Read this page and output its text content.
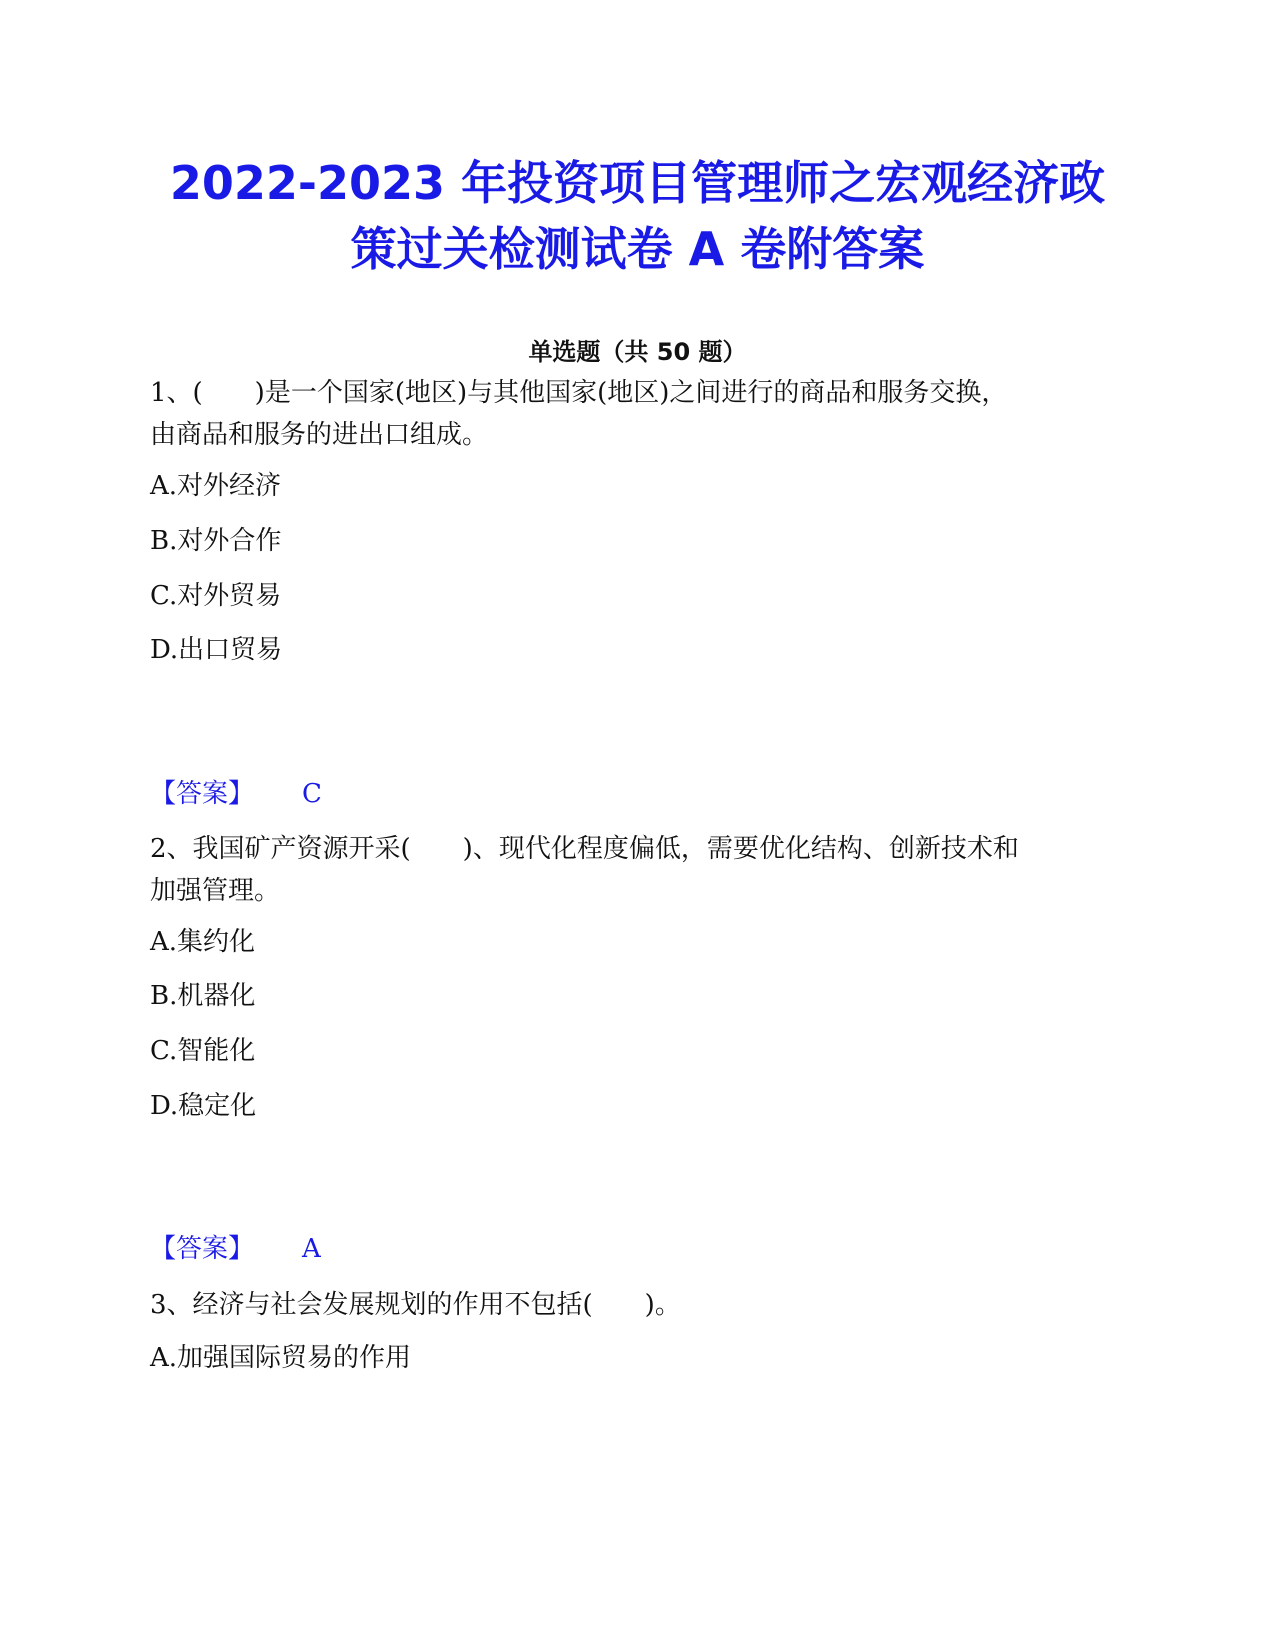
2022-2023 年投资项目管理师之宏观经济政
策过关检测试卷 A 卷附答案
单选题（共 50 题）
1、(　　)是一个国家(地区)与其他国家(地区)之间进行的商品和服务交换，
由商品和服务的进出口组成。
A.对外经济
B.对外合作
C.对外贸易
D.出口贸易
【答案】 C
2、我国矿产资源开采(　　)、现代化程度偏低，需要优化结构、创新技术和
加强管理。
A.集约化
B.机器化
C.智能化
D.稳定化
【答案】 A
3、经济与社会发展规划的作用不包括(　　)。
A.加强国际贸易的作用
